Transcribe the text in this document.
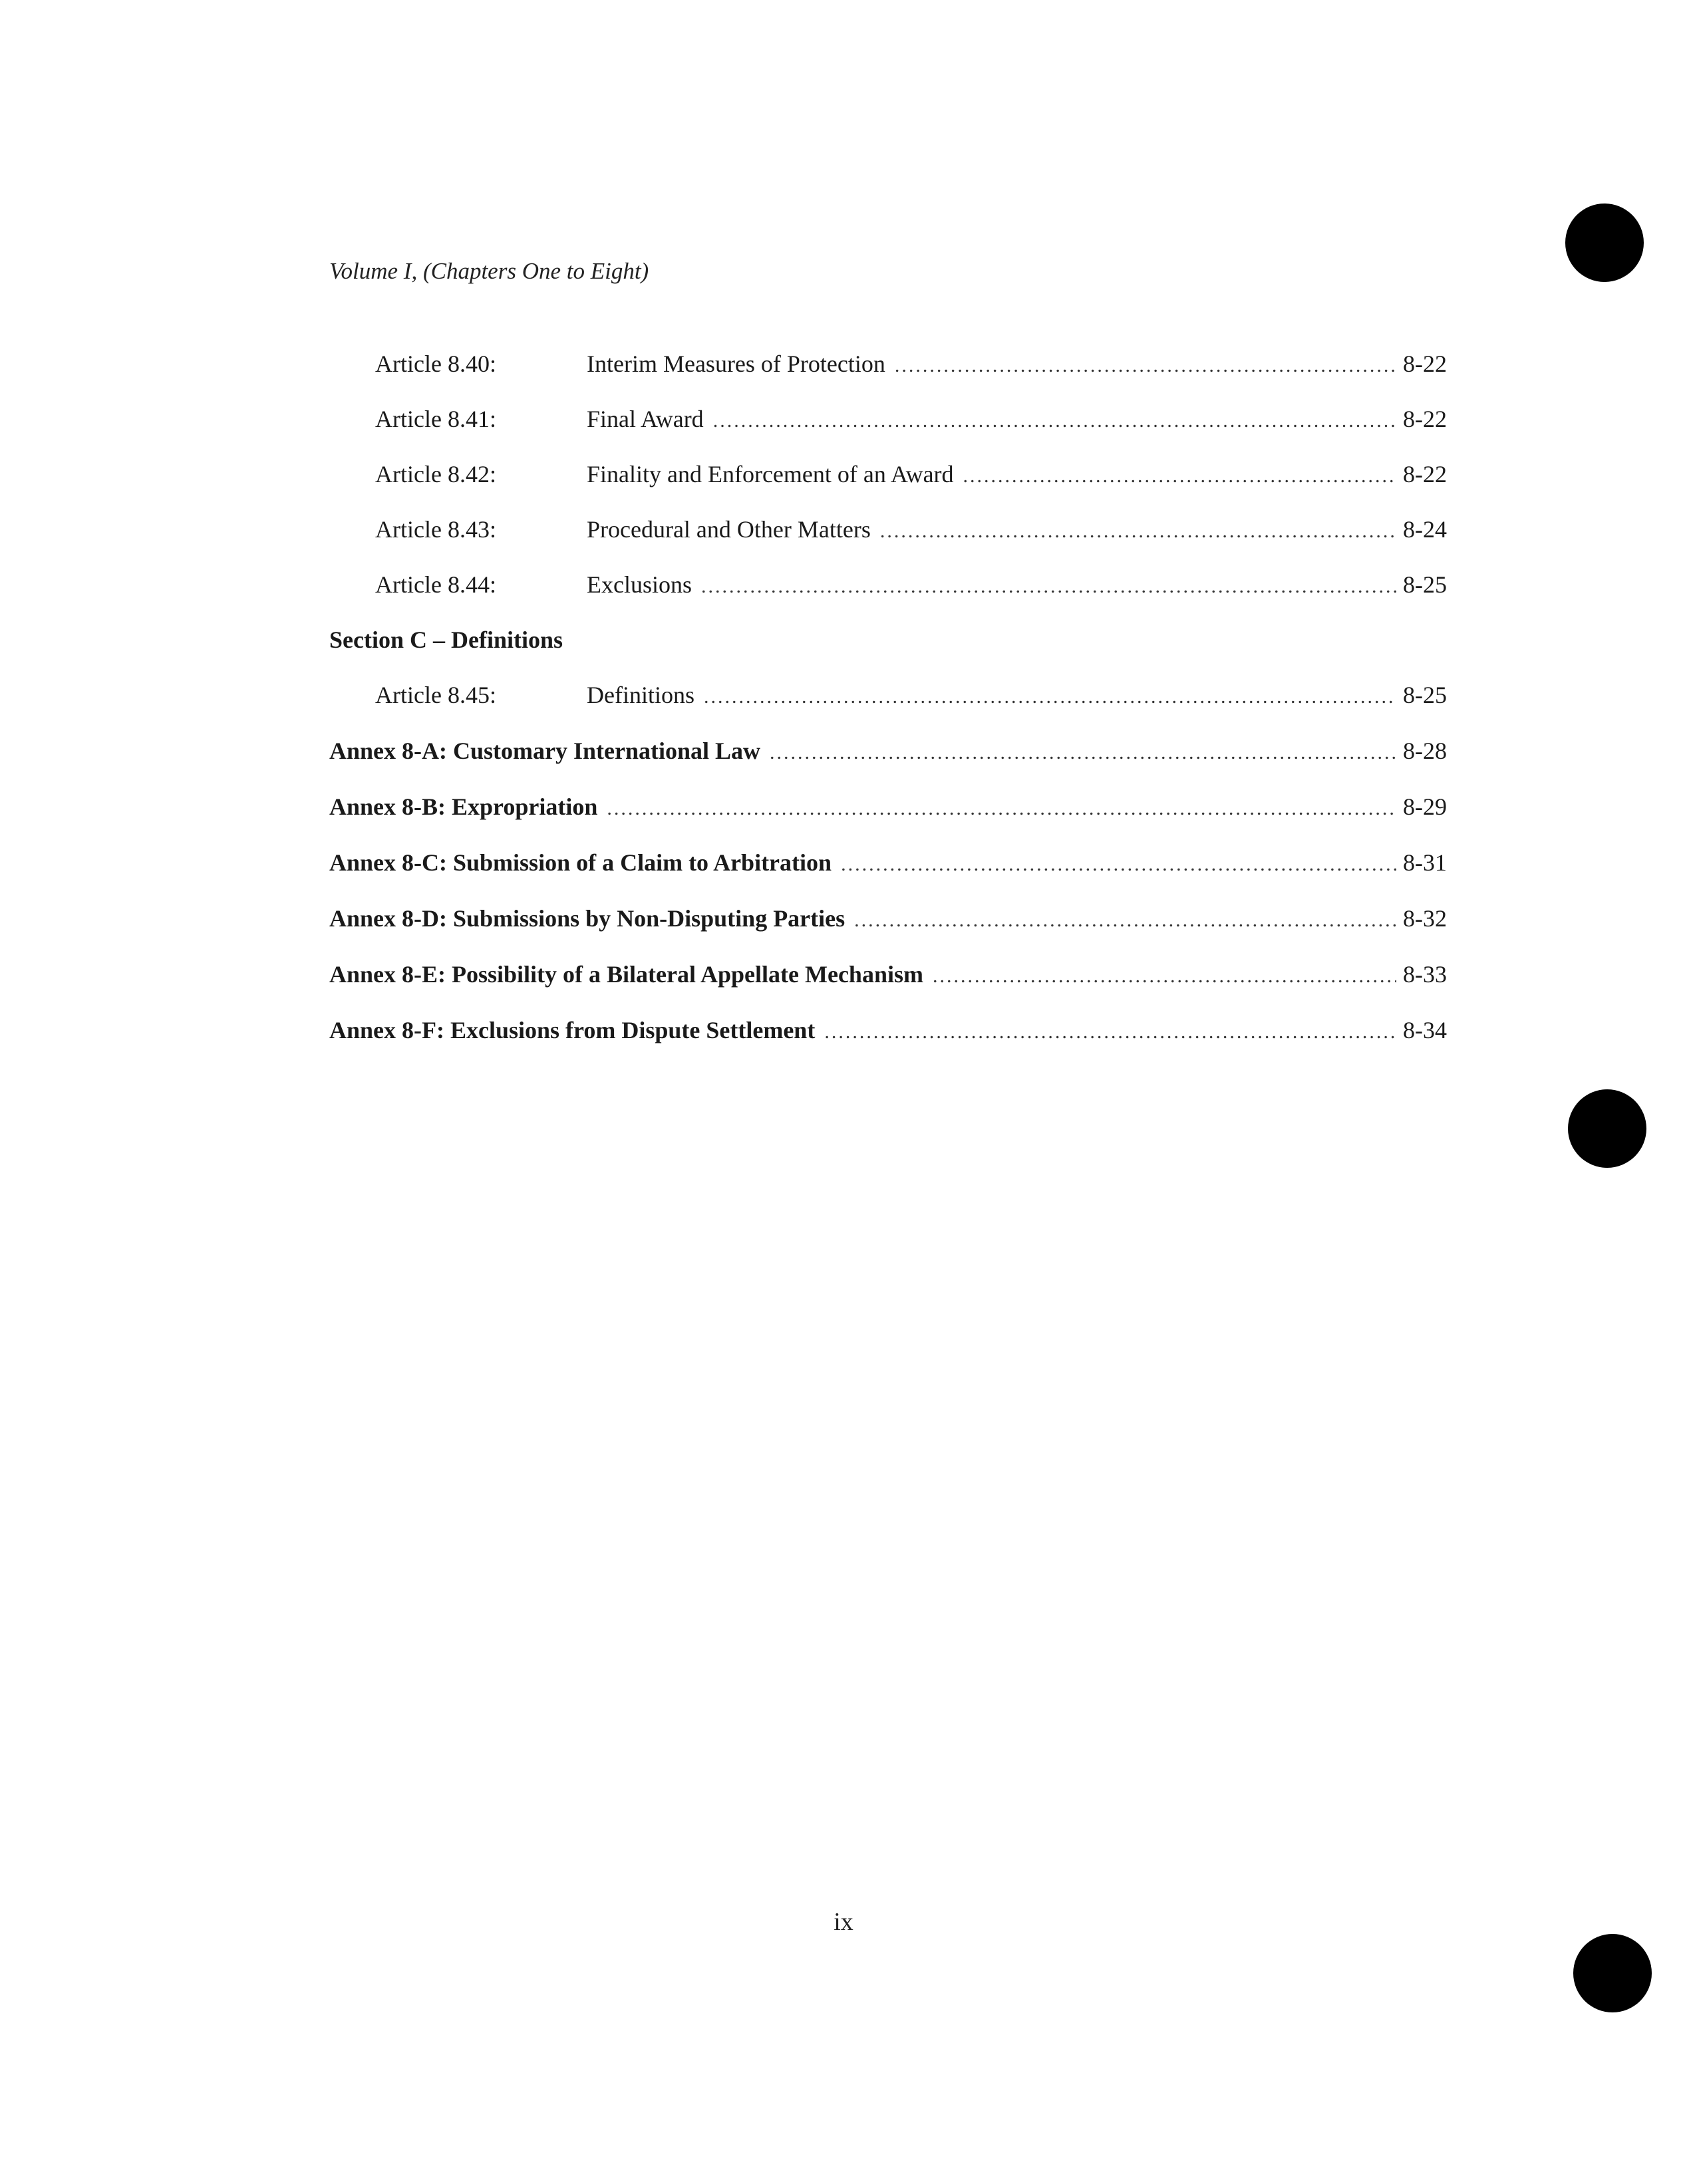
Volume I, (Chapters One to Eight)
Article 8.40:	Interim Measures of Protection .....	8-22
Article 8.41:	Final Award .....	8-22
Article 8.42:	Finality and Enforcement of an Award .....	8-22
Article 8.43:	Procedural and Other Matters .....	8-24
Article 8.44:	Exclusions .....	8-25
Section C – Definitions
Article 8.45:	Definitions .....	8-25
Annex 8-A: Customary International Law .....	8-28
Annex 8-B: Expropriation .....	8-29
Annex 8-C: Submission of a Claim to Arbitration .....	8-31
Annex 8-D: Submissions by Non-Disputing Parties .....	8-32
Annex 8-E: Possibility of a Bilateral Appellate Mechanism .....	8-33
Annex 8-F: Exclusions from Dispute Settlement .....	8-34
ix
